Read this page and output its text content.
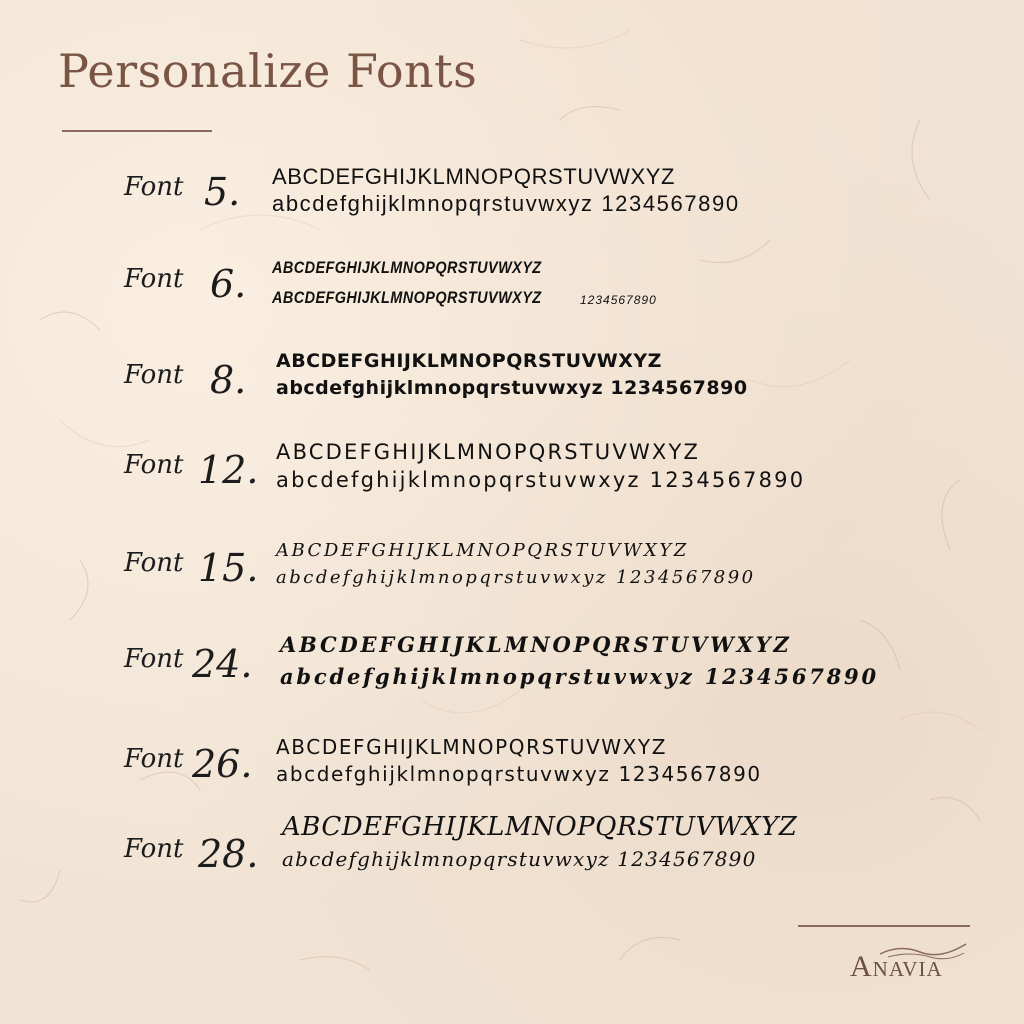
Personalize Fonts
Font 5. ABCDEFGHIJKLMNOPQRSTUVWXYZ
abcdefghijklmnopqrstuvwxyz 1234567890
Font 6. ABCDEFGHIJKLMNOPQRSTUVWXYZ
ABCDEFGHIJKLMNOPQRSTUVWXYZ	1234567890
Font 8. ABCDEFGHIJKLMNOPQRSTUVWXYZ
abcdefghijklmnopqrstuvwxyz 1234567890
Font 12. ABCDEFGHIJKLMNOPQRSTUVWXYZ
abcdefghijklmnopqrstuvwxyz 1234567890
Font 15. ABCDEFGHIJKLMNOPQRSTUVWXYZ
abcdefghijklmnopqrstuvwxyz 1234567890
Font 24. ABCDEFGHIJKLMNOPQRSTUVWXYZ
abcdefghijklmnopqrstuvwxyz 1234567890
Font 26. ABCDEFGHIJKLMNOPQRSTUVWXYZ
abcdefghijklmnopqrstuvwxyz 1234567890
Font 28.
ABCDEFGHIJKLMNOPQRSTUVWXYZ
abcdefghijklmnopqrstuvwxyz 1234567890
Anavia
